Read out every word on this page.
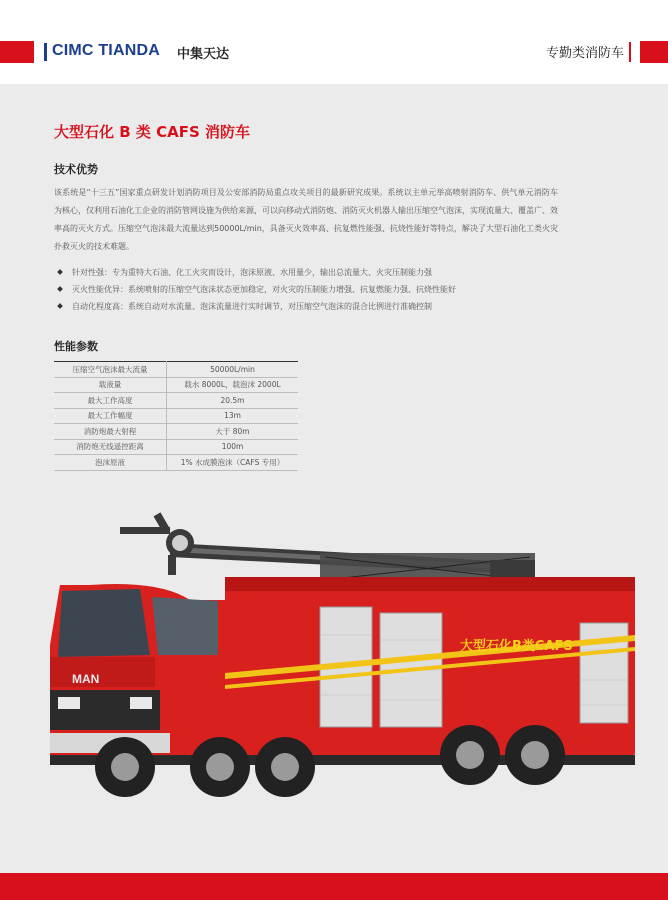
CIMC TIANDA 中集天达	专勤类消防车
大型石化 B 类 CAFS 消防车
技术优势
该系统是“十三五”国家重点研发计划消防项目及公安部消防局重点攻关项目的最新研究成果。系统以主单元举高喷射消防车、供气单元消防车为核心，仅利用石油化工企业的消防管网设施为供给来源，可以向移动式消防炮、消防灭火机器人输出压缩空气泡沫，实现流量大、覆盖广、效率高的灭火方式。压缩空气泡沫最大流量达到50000L/min，具备灭火效率高、抗复燃性能强、抗烧性能好等特点，解决了大型石油化工类火灾扑救灭火的技术难题。
针对性强：专为重特大石油、化工火灾而设计，泡沫原液、水用量少，输出总流量大、火灾压制能力强
灭火性能优异：系统喷射的压缩空气泡沫状态更加稳定，对火灾的压制能力增强、抗复燃能力强、抗烧性能好
自动化程度高：系统自动对水流量、泡沫流量进行实时调节，对压缩空气泡沫的混合比例进行准确控制
性能参数
压缩空气泡沫最大流量	50000L/min
载液量	载水 8000L，载泡沫 2000L
最大工作高度	20.5m
最大工作幅度	13m
消防炮最大射程	大于 80m
消防炮无线遥控距离	100m
泡沫原液	1% 水成膜泡沫（CAFS 专用）
大型石化B类CAFS
MAN
